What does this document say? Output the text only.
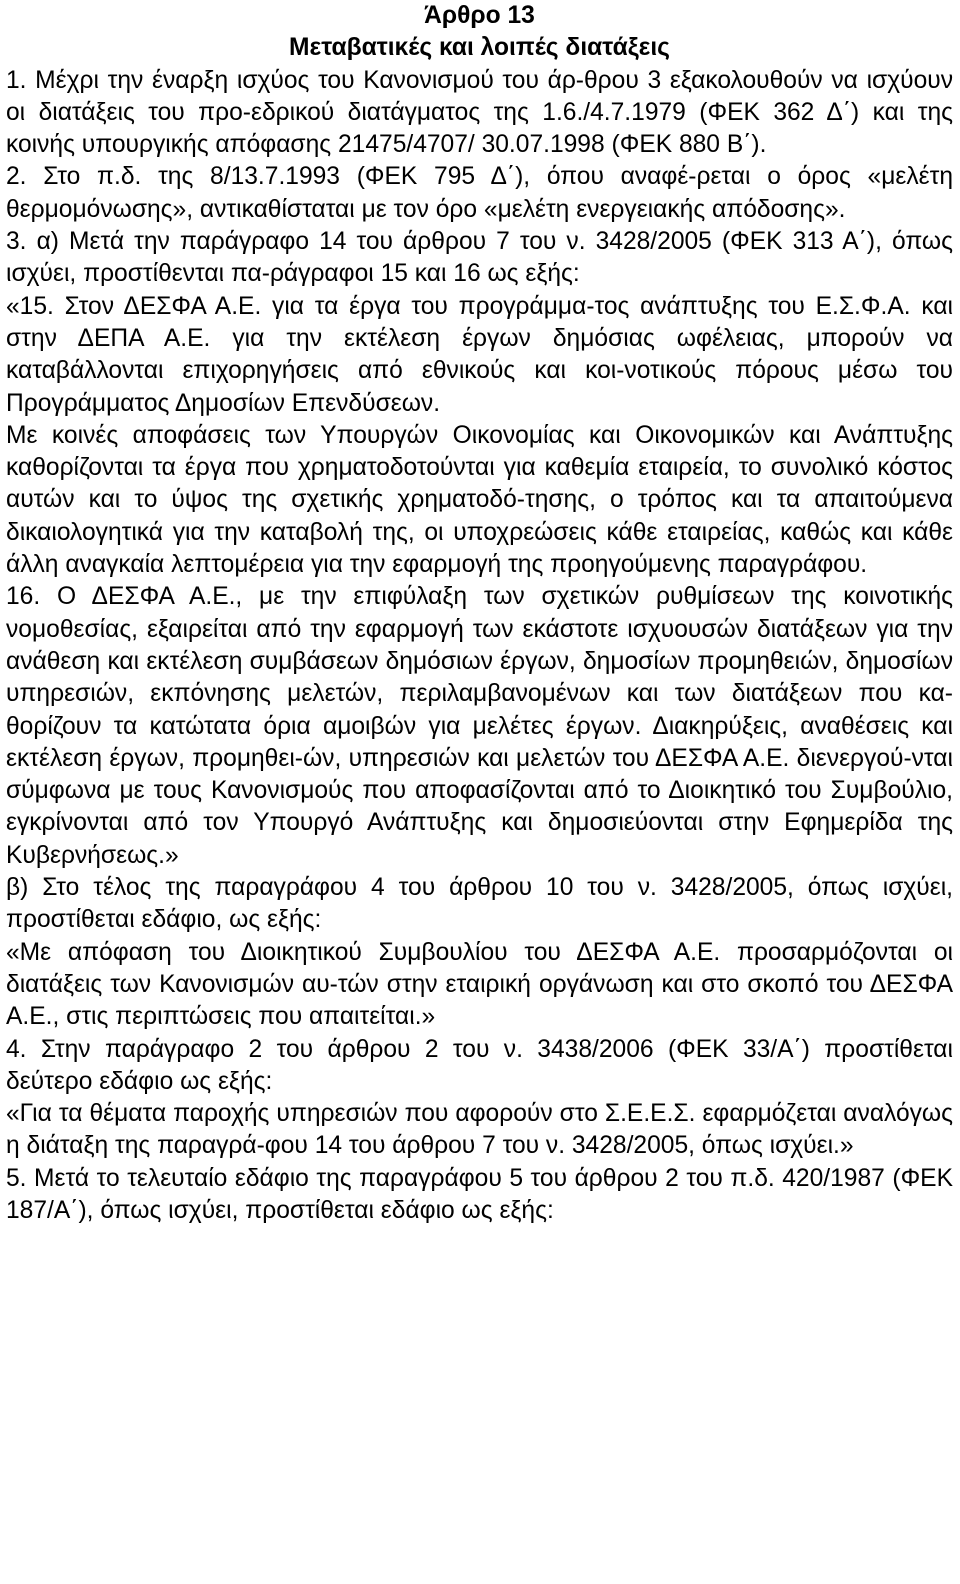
Άρθρο 13

Μεταβατικές και λοιπές διατάξεις

1. Μέχρι την έναρξη ισχύος του Κανονισμού του άρ-θρου 3 εξακολουθούν να ισχύουν οι διατάξεις του προ-εδρικού διατάγματος της 1.6./4.7.1979 (ΦΕΚ 362 Δ΄) και της κοινής υπουργικής απόφασης 21475/4707/ 30.07.1998 (ΦΕΚ 880 Β΄).

2. Στο π.δ. της 8/13.7.1993 (ΦΕΚ 795 Δ΄), όπου αναφέ-ρεται ο όρος «μελέτη θερμομόνωσης», αντικαθίσταται με τον όρο «μελέτη ενεργειακής απόδοσης».

3. α) Μετά την παράγραφο 14 του άρθρου 7 του ν. 3428/2005 (ΦΕΚ 313 Α΄), όπως ισχύει, προστίθενται πα-ράγραφοι 15 και 16 ως εξής:

«15. Στον ΔΕΣΦΑ Α.Ε. για τα έργα του προγράμμα-τος ανάπτυξης του Ε.Σ.Φ.Α. και στην ΔΕΠΑ Α.Ε. για την εκτέλεση έργων δημόσιας ωφέλειας, μπορούν να καταβάλλονται επιχορηγήσεις από εθνικούς και κοι-νοτικούς πόρους μέσω του Προγράμματος Δημοσίων Επενδύσεων.

Με κοινές αποφάσεις των Υπουργών Οικονομίας και Οικονομικών και Ανάπτυξης καθορίζονται τα έργα που χρηματοδοτούνται για καθεμία εταιρεία, το συνολικό κόστος αυτών και το ύψος της σχετικής χρηματοδό-τησης, ο τρόπος και τα απαιτούμενα δικαιολογητικά για την καταβολή της, οι υποχρεώσεις κάθε εταιρείας, καθώς και κάθε άλλη αναγκαία λεπτομέρεια για την εφαρμογή της προηγούμενης παραγράφου.

16. Ο ΔΕΣΦΑ Α.Ε., με την επιφύλαξη των σχετικών ρυθμίσεων της κοινοτικής νομοθεσίας, εξαιρείται από την εφαρμογή των εκάστοτε ισχυουσών διατάξεων για την ανάθεση και εκτέλεση συμβάσεων δημόσιων έργων, δημοσίων προμηθειών, δημοσίων υπηρεσιών, εκπόνησης μελετών, περιλαμβανομένων και των διατάξεων που κα-θορίζουν τα κατώτατα όρια αμοιβών για μελέτες έργων. Διακηρύξεις, αναθέσεις και εκτέλεση έργων, προμηθει-ών, υπηρεσιών και μελετών του ΔΕΣΦΑ Α.Ε. διενεργού-νται σύμφωνα με τους Κανονισμούς που αποφασίζονται από το Διοικητικό του Συμβούλιο, εγκρίνονται από τον Υπουργό Ανάπτυξης και δημοσιεύονται στην Εφημερίδα της Κυβερνήσεως.»

β) Στο τέλος της παραγράφου 4 του άρθρου 10 του ν. 3428/2005, όπως ισχύει, προστίθεται εδάφιο, ως εξής:

«Με απόφαση του Διοικητικού Συμβουλίου του ΔΕΣΦΑ Α.Ε. προσαρμόζονται οι διατάξεις των Κανονισμών αυ-τών στην εταιρική οργάνωση και στο σκοπό του ΔΕΣΦΑ Α.Ε., στις περιπτώσεις που απαιτείται.»

4. Στην παράγραφο 2 του άρθρου 2 του ν. 3438/2006 (ΦΕΚ 33/Α΄) προστίθεται δεύτερο εδάφιο ως εξής:

«Για τα θέματα παροχής υπηρεσιών που αφορούν στο Σ.Ε.Ε.Σ. εφαρμόζεται αναλόγως η διάταξη της παραγρά-φου 14 του άρθρου 7 του ν. 3428/2005, όπως ισχύει.»

5. Μετά το τελευταίο εδάφιο της παραγράφου 5 του άρθρου 2 του π.δ. 420/1987 (ΦΕΚ 187/Α΄), όπως ισχύει, προστίθεται εδάφιο ως εξής:
